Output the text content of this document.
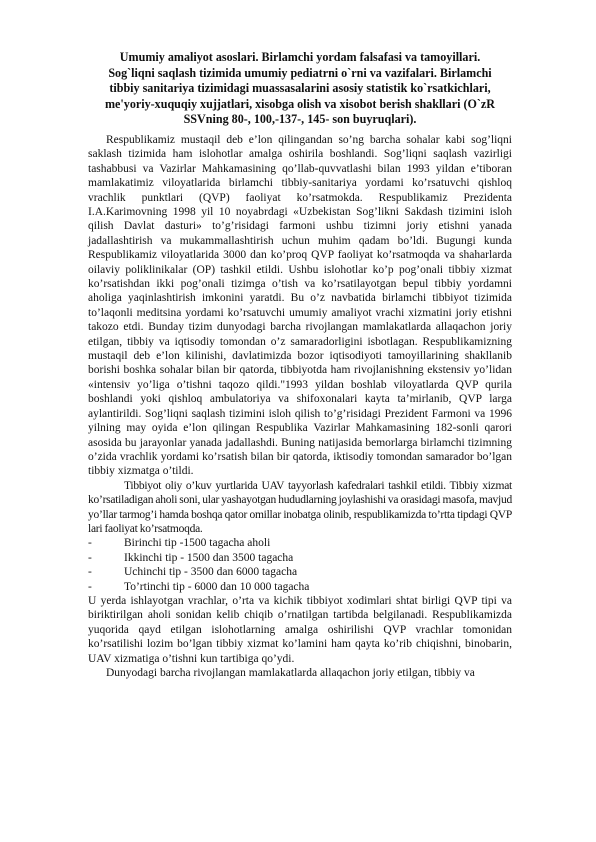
Umumiy amaliyot asoslari. Birlamchi yordam falsafasi va tamoyillari.
Sog`liqni saqlash tizimida umumiy pediatrni o`rni va vazifalari. Birlamchi
tibbiy sanitariya tizimidagi muassasalarini asosiy statistik ko`rsatkichlari,
me'yoriy-xuquqiy xujjatlari, xisobga olish va xisobot berish shakllari (O`zR
SSVning 80-, 100,-137-, 145- son buyruqlari).

Respublikamiz mustaqil deb e’lon qilingandan so’ng barcha sohalar kabi sog’liqni saklash tizimida ham islohotlar amalga oshirila boshlandi. Sog’liqni saqlash vazirligi tashabbusi va Vazirlar Mahkamasining qo’llab-quvvatlashi bilan 1993 yildan e’tiboran mamlakatimiz viloyatlarida birlamchi tibbiy-sanitariya yordami ko’rsatuvchi qishloq vrachlik punktlari (QVP) faoliyat ko’rsatmokda. Respublikamiz Prezidenta I.A.Karimovning 1998 yil 10 noyabrdagi «Uzbekistan Sog’likni Sakdash tizimini isloh qilish Davlat dasturi» to’g’risidagi farmoni ushbu tizimni joriy etishni yanada jadallashtirish va mukammallashtirish uchun muhim qadam bo’ldi. Bugungi kunda Respublikamiz viloyatlarida 3000 dan ko’proq QVP faoliyat ko’rsatmoqda va shaharlarda oilaviy poliklinikalar (OP) tashkil etildi. Ushbu islohotlar ko’p pog’onali tibbiy xizmat ko’rsatishdan ikki pog’onali tizimga o’tish va ko’rsatilayotgan bepul tibbiy yordamni aholiga yaqinlashtirish imkonini yaratdi. Bu o’z navbatida birlamchi tibbiyot tizimida to’laqonli meditsina yordami ko’rsatuvchi umumiy amaliyot vrachi xizmatini joriy etishni takozo etdi. Bunday tizim dunyodagi barcha rivojlangan mamlakatlarda allaqachon joriy etilgan, tibbiy va iqtisodiy tomondan o’z samaradorligini isbotlagan. Respublikamizning mustaqil deb e’lon kilinishi, davlatimizda bozor iqtisodiyoti tamoyillarining shakllanib borishi boshka sohalar bilan bir qatorda, tibbiyotda ham rivojlanishning ekstensiv yo’lidan «intensiv yo’liga o’tishni taqozo qildi."1993 yildan boshlab viloyatlarda QVP qurila boshlandi yoki qishloq ambulatoriya va shifoxonalari kayta ta’mirlanib, QVP larga aylantirildi. Sog’liqni saqlash tizimini isloh qilish to’g’risidagi Prezident Farmoni va 1996 yilning may oyida e’lon qilingan Respublika Vazirlar Mahkamasining 182-sonli qarori asosida bu jarayonlar yanada jadallashdi. Buning natijasida bemorlarga birlamchi tizimning o’zida vrachlik yordami ko’rsatish bilan bir qatorda, iktisodiy tomondan samarador bo’lgan tibbiy xizmatga o’tildi.

Tibbiyot oliy o’kuv yurtlarida UAV tayyorlash kafedralari tashkil etildi. Tibbiy xizmat ko’rsatiladigan aholi soni, ular yashayotgan hududlarning joylashishi va orasidagi masofa, mavjud yo’llar tarmog’i hamda boshqa qator omillar inobatga olinib, respublikamizda to’rtta tipdagi QVP lari faoliyat ko’rsatmoqda.

-	Birinchi tip -1500 tagacha aholi
-	Ikkinchi tip - 1500 dan 3500 tagacha
-	Uchinchi tip - 3500 dan 6000 tagacha
-	To’rtinchi tip - 6000 dan 10 000 tagacha

U yerda ishlayotgan vrachlar, o’rta va kichik tibbiyot xodimlari shtat birligi QVP tipi va biriktirilgan aholi sonidan kelib chiqib o’rnatilgan tartibda belgilanadi. Respublikamizda yuqorida qayd etilgan islohotlarning amalga oshirilishi QVP vrachlar tomonidan ko’rsatilishi lozim bo’lgan tibbiy xizmat ko’lamini ham qayta ko’rib chiqishni, binobarin, UAV xizmatiga o’tishni kun tartibiga qo’ydi.

Dunyodagi barcha rivojlangan mamlakatlarda allaqachon joriy etilgan, tibbiy va
